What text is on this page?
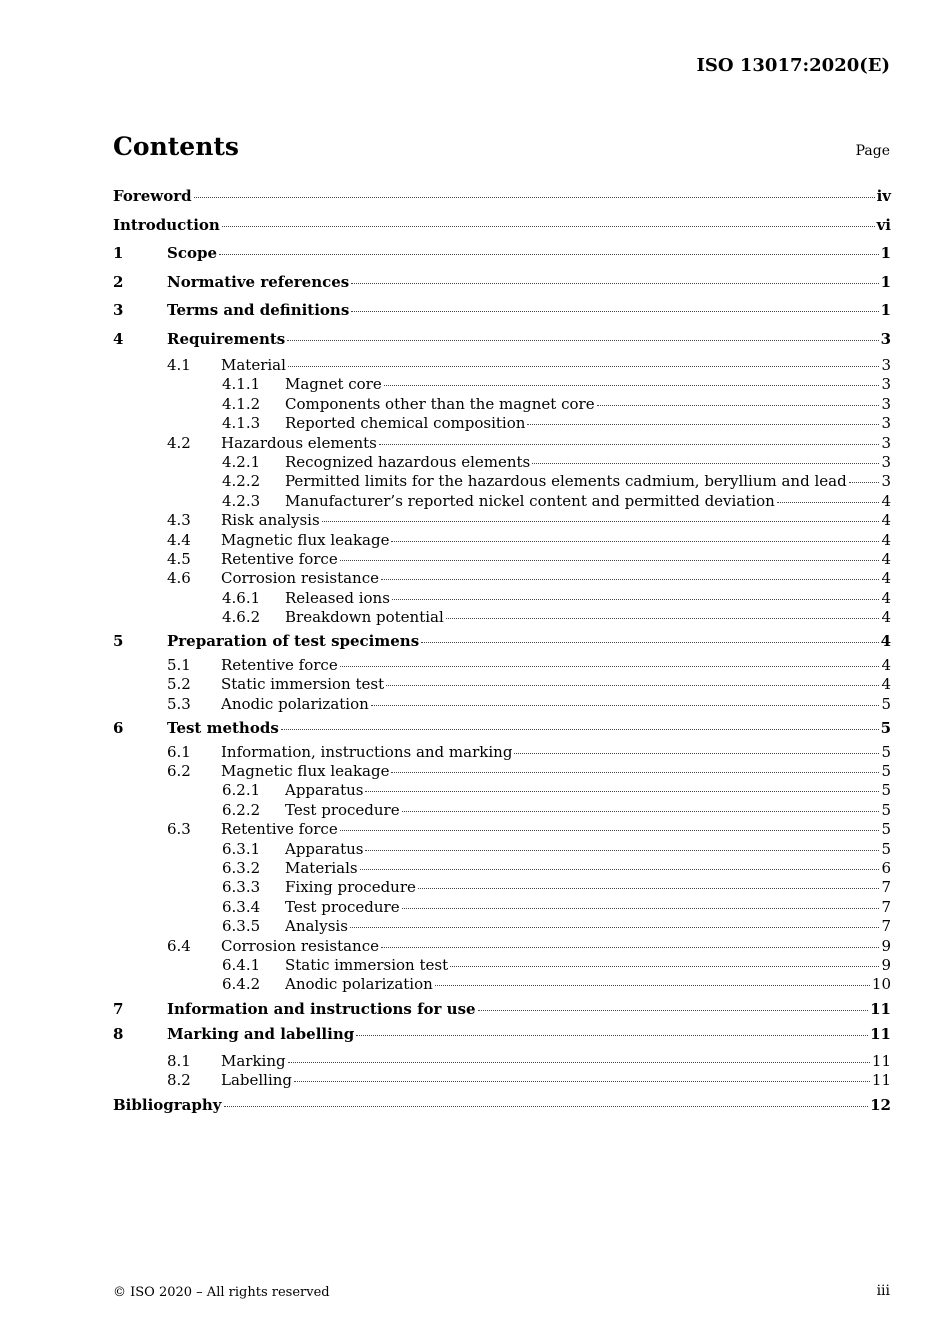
ISO 13017:2020(E)
Contents	Page
Foreword	iv
Introduction	vi
1	Scope	1
2	Normative references	1
3	Terms and definitions	1
4	Requirements	3
4.1	Material	3
4.1.1	Magnet core	3
4.1.2	Components other than the magnet core	3
4.1.3	Reported chemical composition	3
4.2	Hazardous elements	3
4.2.1	Recognized hazardous elements	3
4.2.2	Permitted limits for the hazardous elements cadmium, beryllium and lead 3
4.2.3	Manufacturer’s reported nickel content and permitted deviation	4
4.3	Risk analysis	4
4.4	Magnetic flux leakage	4
4.5	Retentive force	4
4.6	Corrosion resistance	4
4.6.1	Released ions	4
4.6.2	Breakdown potential	4
5	Preparation of test specimens	4
5.1	Retentive force	4
5.2	Static immersion test	4
5.3	Anodic polarization	5
6	Test methods	5
6.1	Information, instructions and marking	5
6.2	Magnetic flux leakage	5
6.2.1	Apparatus	5
6.2.2	Test procedure	5
6.3	Retentive force	5
6.3.1	Apparatus	5
6.3.2	Materials	6
6.3.3	Fixing procedure	7
6.3.4	Test procedure	7
6.3.5	Analysis	7
6.4	Corrosion resistance	9
6.4.1	Static immersion test	9
6.4.2	Anodic polarization	10
7	Information and instructions for use	11
8	Marking and labelling	11
8.1	Marking	11
8.2	Labelling	11
Bibliography	12
© ISO 2020 – All rights reserved	iii
